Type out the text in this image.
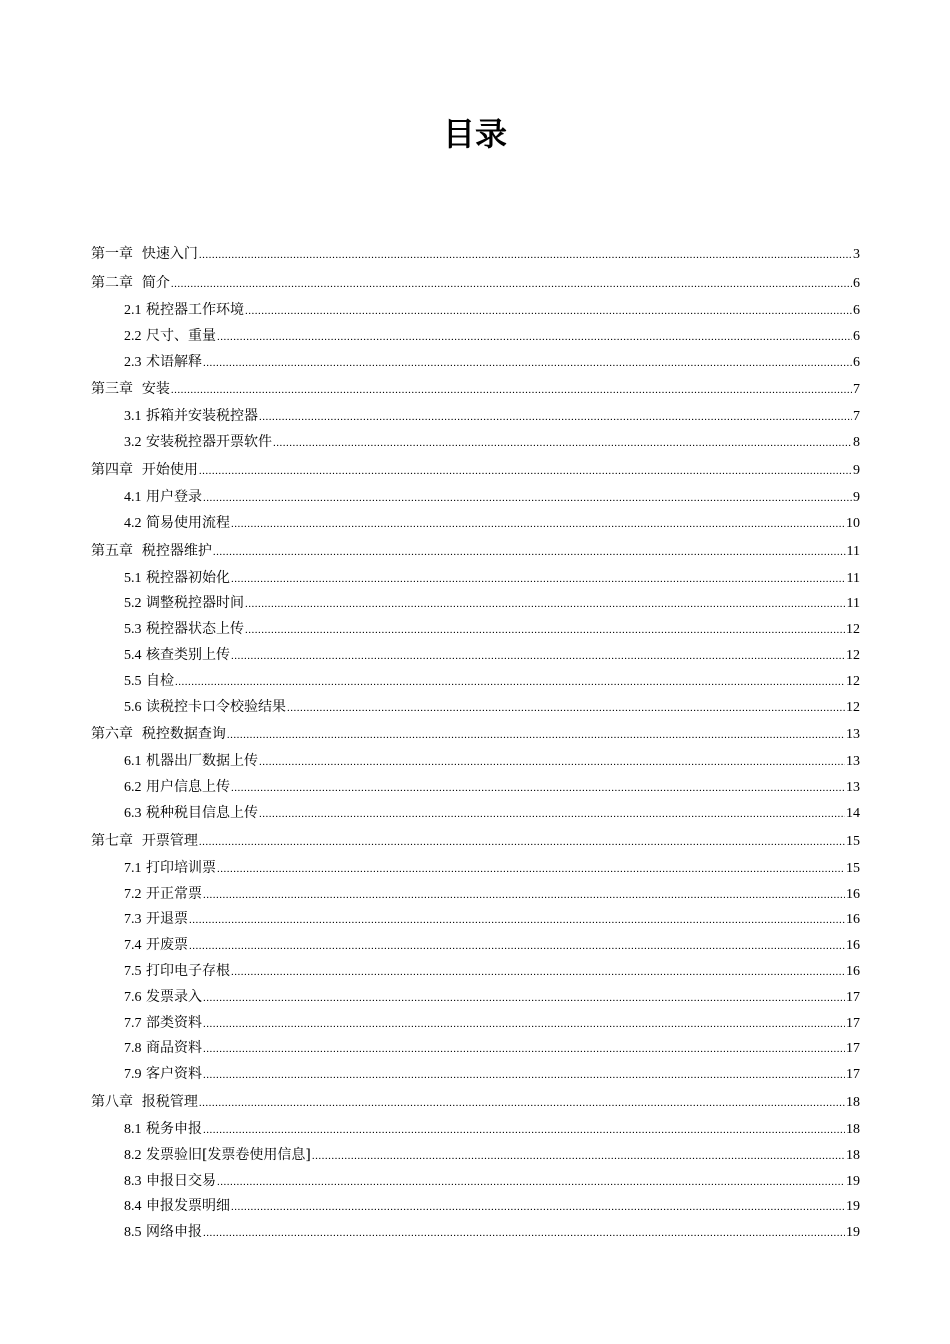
目录
第一章 快速入门 .....	3
第二章 简介 .....	6
2.1 税控器工作环境 .....	6
2.2 尺寸、重量 .....	6
2.3 术语解释 .....	6
第三章 安装 .....	7
3.1 拆箱并安装税控器 .....	7
3.2 安装税控器开票软件 .....	8
第四章 开始使用 .....	9
4.1 用户登录 .....	9
4.2 简易使用流程 .....	10
第五章 税控器维护 .....	11
5.1 税控器初始化 .....	11
5.2 调整税控器时间 .....	11
5.3 税控器状态上传 .....	12
5.4 核查类别上传 .....	12
5.5 自检 .....	12
5.6 读税控卡口令校验结果 .....	12
第六章 税控数据查询 .....	13
6.1 机器出厂数据上传 .....	13
6.2 用户信息上传 .....	13
6.3 税种税目信息上传 .....	14
第七章 开票管理 .....	15
7.1 打印培训票 .....	15
7.2 开正常票 .....	16
7.3 开退票 .....	16
7.4 开废票 .....	16
7.5 打印电子存根 .....	16
7.6 发票录入 .....	17
7.7 部类资料 .....	17
7.8 商品资料 .....	17
7.9 客户资料 .....	17
第八章 报税管理 .....	18
8.1 税务申报 .....	18
8.2 发票验旧[发票卷使用信息] .....	18
8.3 申报日交易 .....	19
8.4 申报发票明细 .....	19
8.5 网络申报 .....	19
